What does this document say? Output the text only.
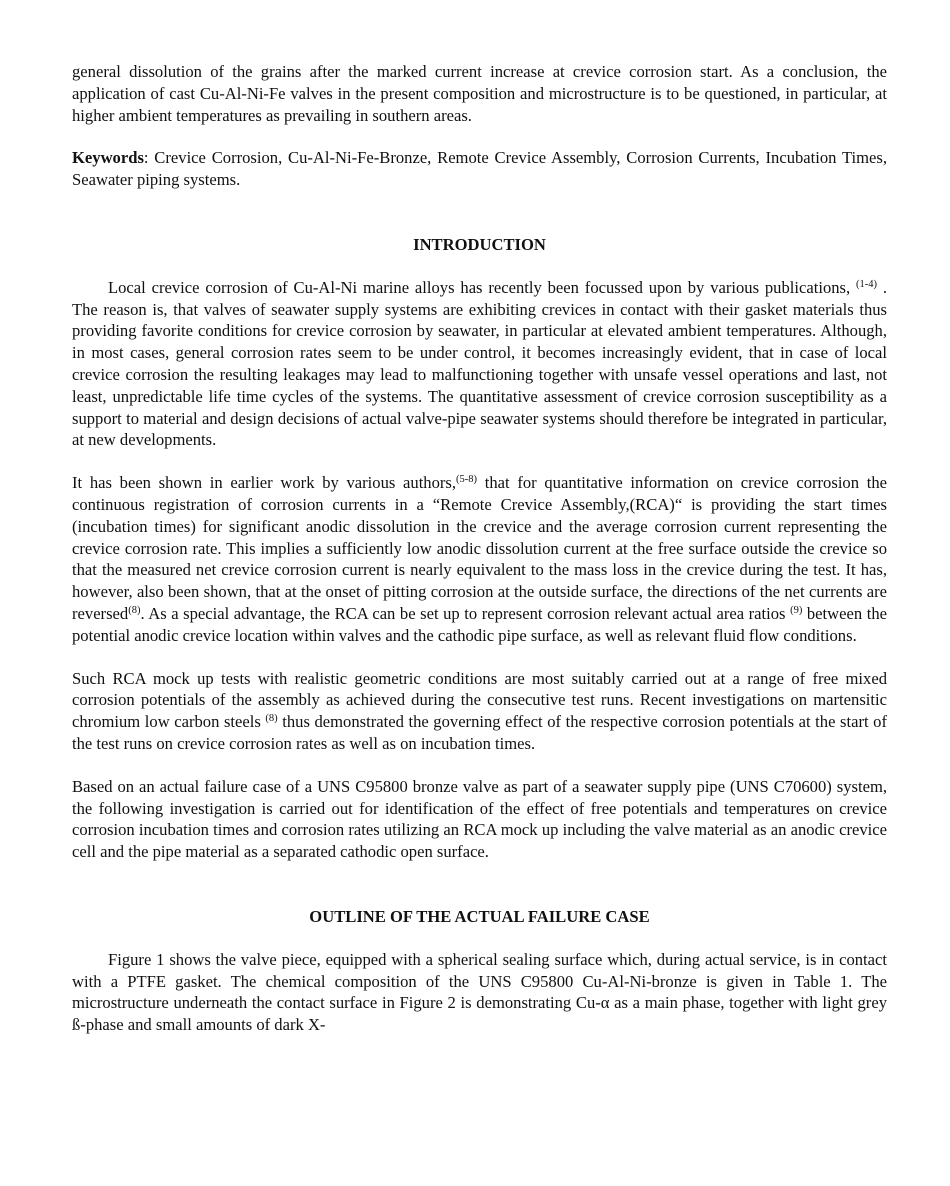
general dissolution of the grains after the marked current increase at crevice corrosion start. As a conclusion, the application of cast Cu-Al-Ni-Fe valves in the present composition and microstructure is to be questioned, in particular, at higher ambient temperatures as prevailing in southern areas.

Keywords: Crevice Corrosion, Cu-Al-Ni-Fe-Bronze, Remote Crevice Assembly, Corrosion Currents, Incubation Times, Seawater piping systems.

INTRODUCTION

Local crevice corrosion of Cu-Al-Ni marine alloys has recently been focussed upon by various publications, $^{(1-4)}$ . The reason is, that valves of seawater supply systems are exhibiting crevices in contact with their gasket materials thus providing favorite conditions for crevice corrosion by seawater, in particular at elevated ambient temperatures. Although, in most cases, general corrosion rates seem to be under control, it becomes increasingly evident, that in case of local crevice corrosion the resulting leakages may lead to malfunctioning together with unsafe vessel operations and last, not least, unpredictable life time cycles of the systems. The quantitative assessment of crevice corrosion susceptibility as a support to material and design decisions of actual valve-pipe seawater systems should therefore be integrated in particular, at new developments.

It has been shown in earlier work by various authors,$^{(5-8)}$ that for quantitative information on crevice corrosion the continuous registration of corrosion currents in a “Remote Crevice Assembly,(RCA)“ is providing the start times (incubation times) for significant anodic dissolution in the crevice and the average corrosion current representing the crevice corrosion rate. This implies a sufficiently low anodic dissolution current at the free surface outside the crevice so that the measured net crevice corrosion current is nearly equivalent to the mass loss in the crevice during the test. It has, however, also been shown, that at the onset of pitting corrosion at the outside surface, the directions of the net currents are reversed$^{(8)}$. As a special advantage, the RCA can be set up to represent corrosion relevant actual area ratios $^{(9)}$ between the potential anodic crevice location within valves and the cathodic pipe surface, as well as relevant fluid flow conditions.

Such RCA mock up tests with realistic geometric conditions are most suitably carried out at a range of free mixed corrosion potentials of the assembly as achieved during the consecutive test runs. Recent investigations on martensitic chromium low carbon steels $^{(8)}$ thus demonstrated the governing effect of the respective corrosion potentials at the start of the test runs on crevice corrosion rates as well as on incubation times.

Based on an actual failure case of a UNS C95800 bronze valve as part of a seawater supply pipe (UNS C70600) system, the following investigation is carried out for identification of the effect of free potentials and temperatures on crevice corrosion incubation times and corrosion rates utilizing an RCA mock up including the valve material as an anodic crevice cell and the pipe material as a separated cathodic open surface.

OUTLINE OF THE ACTUAL FAILURE CASE

Figure 1 shows the valve piece, equipped with a spherical sealing surface which, during actual service, is in contact with a PTFE gasket. The chemical composition of the UNS C95800 Cu-Al-Ni-bronze is given in Table 1. The microstructure underneath the contact surface in Figure 2 is demonstrating Cu-α as a main phase, together with light grey ß-phase and small amounts of dark X-
